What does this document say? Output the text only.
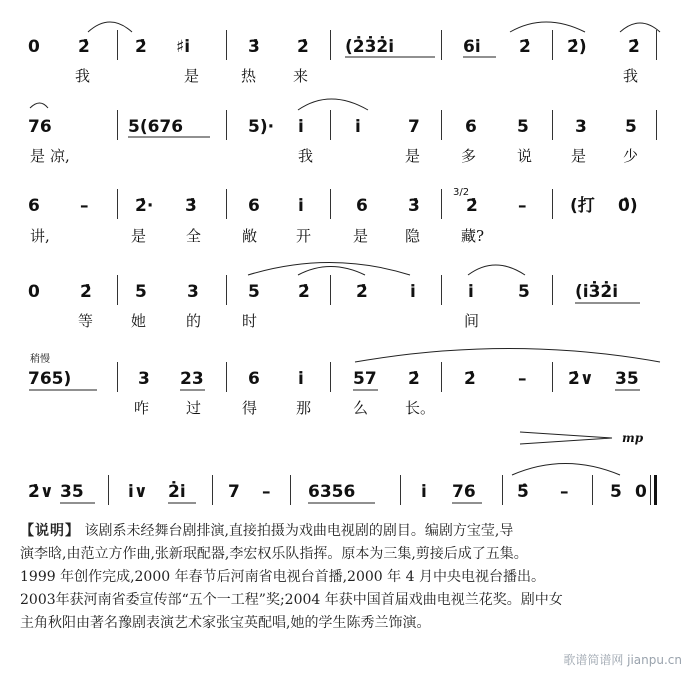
0 2̇	2̇ ♯i̇	3̇ 2̇ (2̇3̇2̇i̇	6i̇ 2̇ 2̇) 2̇
我	是	热 来	我
76	5(676	5)· i̇	i̇	7	6 5	3 5
是 凉,	我	是	多	说	是 少
6 –	2̇· 3̇	6 i̇	6 3̇	2̇ –	(打 0̂)
3/2
讲,	是	全	敞	开	是 隐	藏?
0 2̇	5 3	5 2̇	2̇ i̇	i̇	5	(i̇3̇2̇i̇
等	她	的	时	间
稍慢
765)	3 23	6 i̇	57 2̇	2̇ – 2̇∨ 35
咋 过	得	那	么 长。
mp
2̇∨ 35	i̇∨ 2̇i̇ 7 – 6356	i̇ 76 5̂ – 5 0
【说明】 该剧系未经舞台剧排演,直接拍摄为戏曲电视剧的剧目。编剧方宝莹,导
演李晗,由范立方作曲,张新珉配器,李宏权乐队指挥。原本为三集,剪接后成了五集。
1999 年创作完成,2000 年春节后河南省电视台首播,2000 年 4 月中央电视台播出。
2003年获河南省委宣传部“五个一工程”奖;2004 年获中国首届戏曲电视兰花奖。剧中女
主角秋阳由著名豫剧表演艺术家张宝英配唱,她的学生陈秀兰饰演。
歌谱简谱网 jianpu.cn
